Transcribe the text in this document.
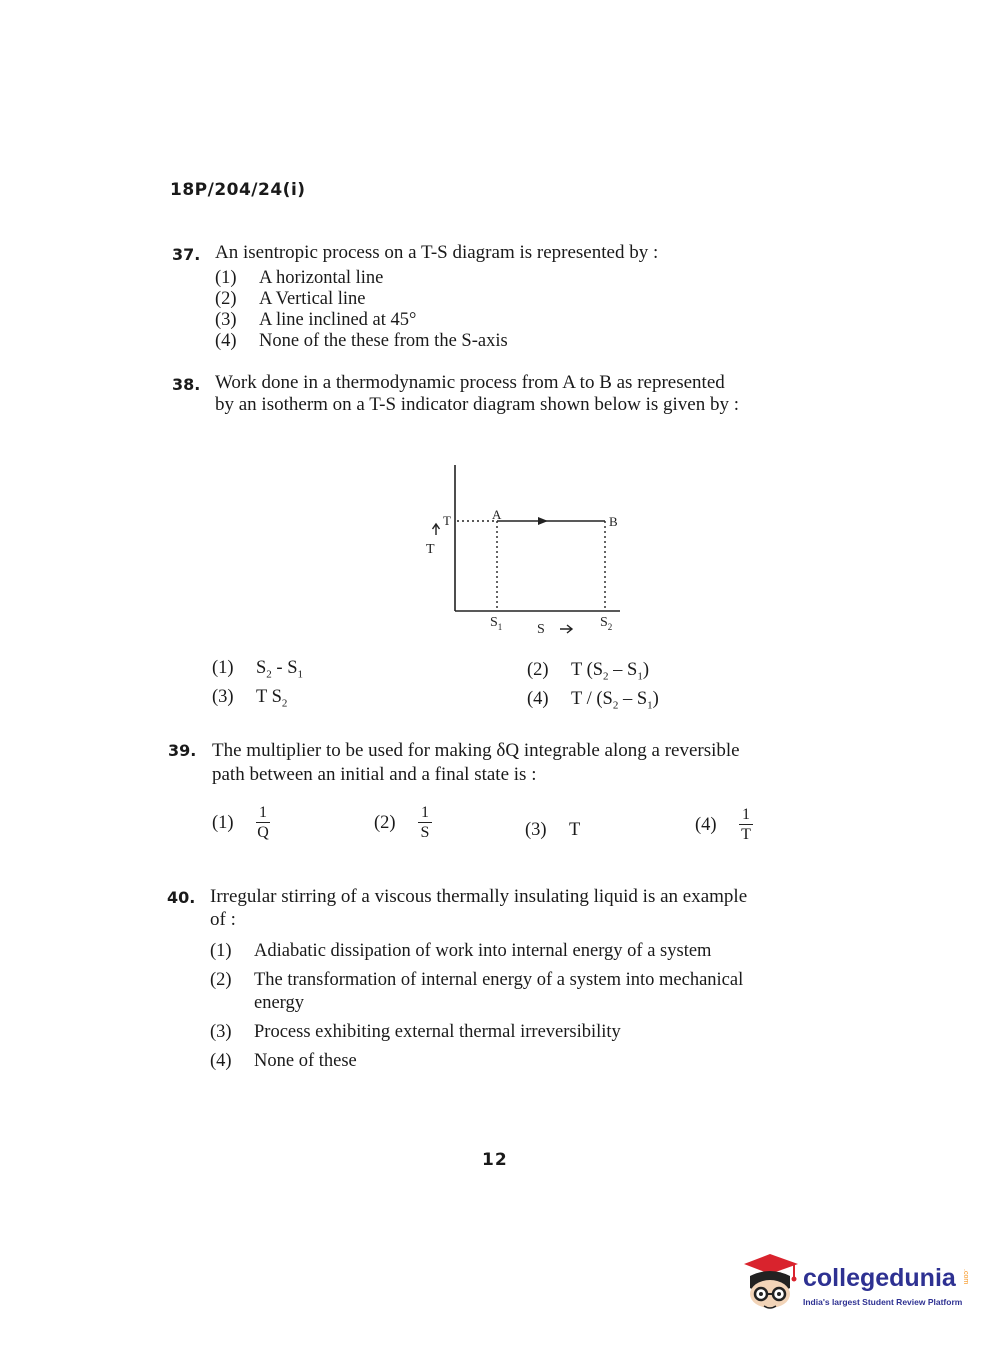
18P/204/24(i)
37. An isentropic process on a T-S diagram is represented by :
(1) A horizontal line
(2) A Vertical line
(3) A line inclined at 45°
(4) None of the these from the S-axis
38. Work done in a thermodynamic process from A to B as represented
by an isotherm on a T-S indicator diagram shown below is given by :
T
T	A	B
$S_1$	$S_2$
S
(1) $S_2 - S_1$	(2) T $(S_2 - S_1)$
(3) T $S_2$	(4) T / $(S_2 - S_1)$
39. The multiplier to be used for making δQ integrable along a reversible
path between an initial and a final state is :
(1)	$\frac{1}{Q}$	(2)	$\frac{1}{S}$	(3) T	(4)	$\frac{1}{T}$
40. Irregular stirring of a viscous thermally insulating liquid is an example
of :
(1) Adiabatic dissipation of work into internal energy of a system
(2) The transformation of internal energy of a system into mechanical
energy
(3) Process exhibiting external thermal irreversibility
(4) None of these
12
collegedunia .com
India's largest Student Review Platform
